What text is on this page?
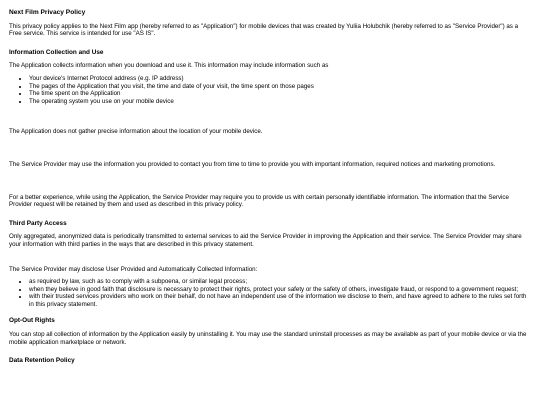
Next Film Privacy Policy

This privacy policy applies to the Next Film app (hereby referred to as "Application") for mobile devices that was created by Yuliia Holubchik (hereby referred to as "Service Provider") as a Free service. This service is intended for use "AS IS".

Information Collection and Use

The Application collects information when you download and use it. This information may include information such as

• Your device's Internet Protocol address (e.g. IP address)
• The pages of the Application that you visit, the time and date of your visit, the time spent on those pages
• The time spent on the Application
• The operating system you use on your mobile device

The Application does not gather precise information about the location of your mobile device.

The Service Provider may use the information you provided to contact you from time to time to provide you with important information, required notices and marketing promotions.

For a better experience, while using the Application, the Service Provider may require you to provide us with certain personally identifiable information. The information that the Service Provider request will be retained by them and used as described in this privacy policy.

Third Party Access

Only aggregated, anonymized data is periodically transmitted to external services to aid the Service Provider in improving the Application and their service. The Service Provider may share your information with third parties in the ways that are described in this privacy statement.

The Service Provider may disclose User Provided and Automatically Collected Information:

• as required by law, such as to comply with a subpoena, or similar legal process;
• when they believe in good faith that disclosure is necessary to protect their rights, protect your safety or the safety of others, investigate fraud, or respond to a government request;
• with their trusted services providers who work on their behalf, do not have an independent use of the information we disclose to them, and have agreed to adhere to the rules set forth in this privacy statement.
Opt-Out Rights

You can stop all collection of information by the Application easily by uninstalling it. You may use the standard uninstall processes as may be available as part of your mobile device or via the mobile application marketplace or network.

Data Retention Policy
